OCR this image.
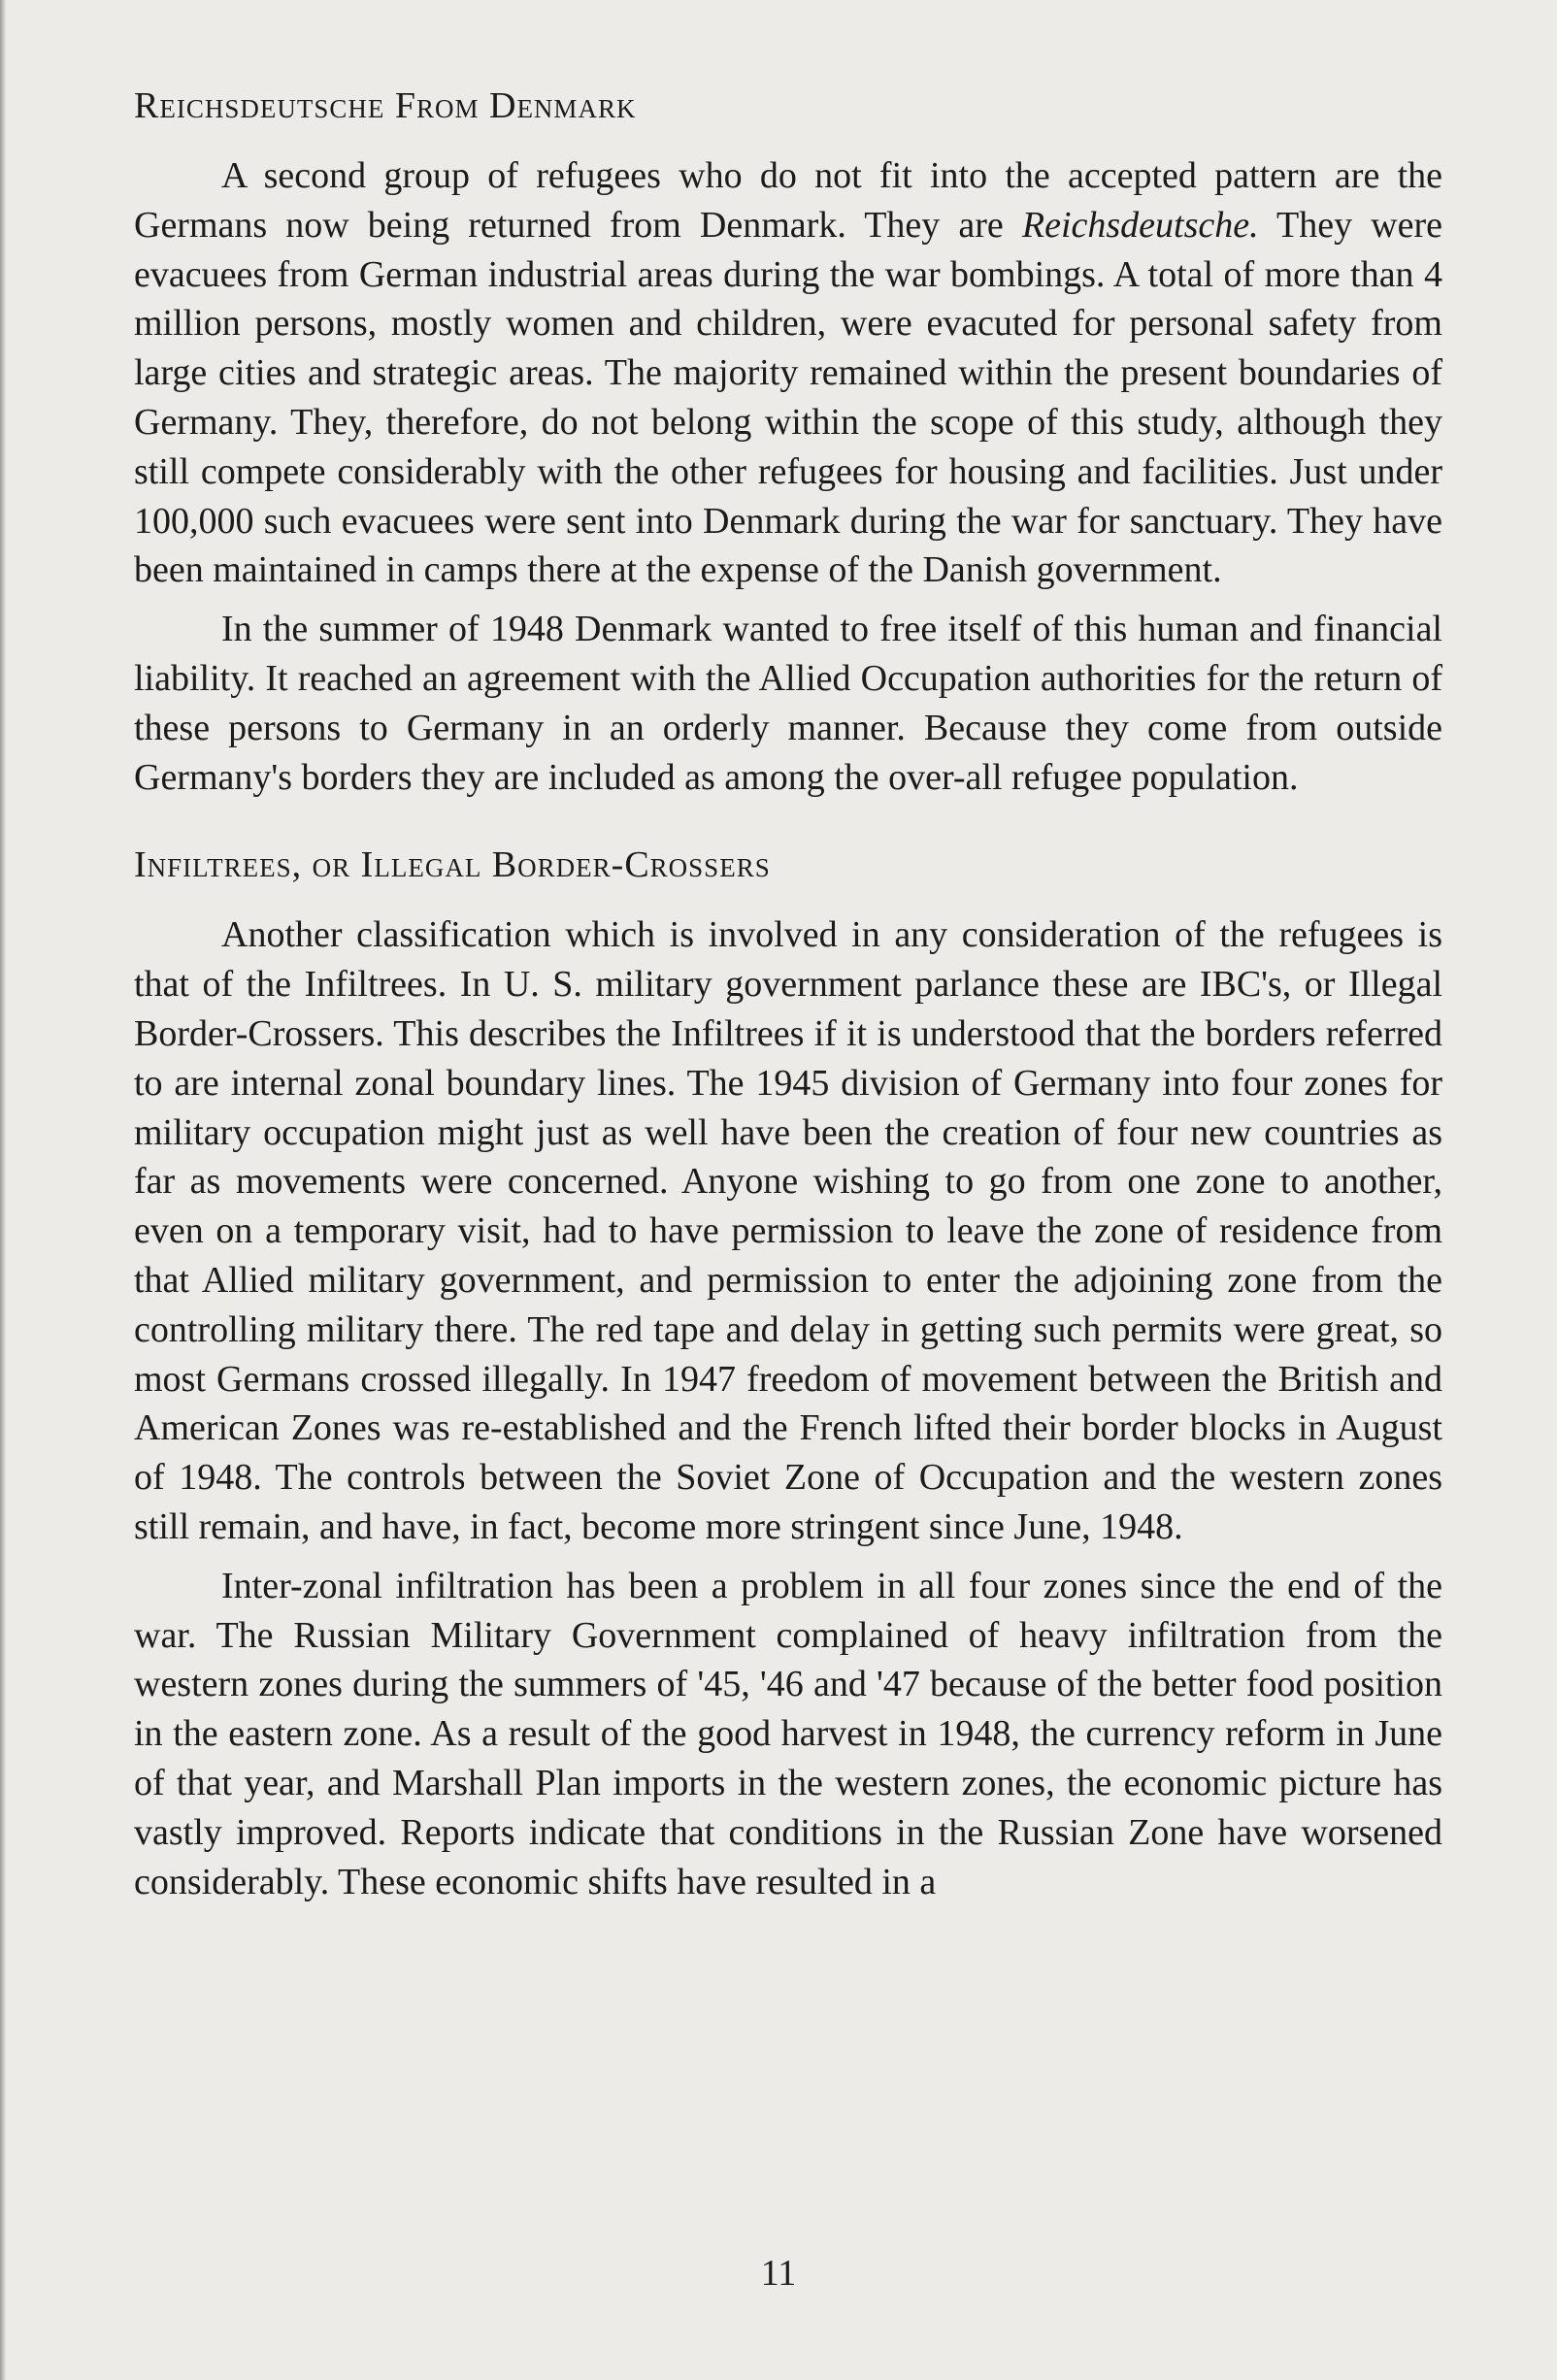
Reichsdeutsche From Denmark

A second group of refugees who do not fit into the accepted pattern are the Germans now being returned from Denmark. They are Reichsdeutsche. They were evacuees from German industrial areas during the war bombings. A total of more than 4 million persons, mostly women and children, were evacuted for personal safety from large cities and strategic areas. The majority remained within the present boundaries of Germany. They, therefore, do not belong within the scope of this study, although they still compete considerably with the other refugees for housing and facilities. Just under 100,000 such evacuees were sent into Denmark during the war for sanctuary. They have been maintained in camps there at the expense of the Danish government.

In the summer of 1948 Denmark wanted to free itself of this human and financial liability. It reached an agreement with the Allied Occupation authorities for the return of these persons to Germany in an orderly manner. Because they come from outside Germany's borders they are included as among the over-all refugee population.

Infiltrees, or Illegal Border-Crossers

Another classification which is involved in any consideration of the refugees is that of the Infiltrees. In U. S. military government parlance these are IBC's, or Illegal Border-Crossers. This describes the Infiltrees if it is understood that the borders referred to are internal zonal boundary lines. The 1945 division of Germany into four zones for military occupation might just as well have been the creation of four new countries as far as movements were concerned. Anyone wishing to go from one zone to another, even on a temporary visit, had to have permission to leave the zone of residence from that Allied military government, and permission to enter the adjoining zone from the controlling military there. The red tape and delay in getting such permits were great, so most Germans crossed illegally. In 1947 freedom of movement between the British and American Zones was re-established and the French lifted their border blocks in August of 1948. The controls between the Soviet Zone of Occupation and the western zones still remain, and have, in fact, become more stringent since June, 1948.

Inter-zonal infiltration has been a problem in all four zones since the end of the war. The Russian Military Government complained of heavy infiltration from the western zones during the summers of '45, '46 and '47 because of the better food position in the eastern zone. As a result of the good harvest in 1948, the currency reform in June of that year, and Marshall Plan imports in the western zones, the economic picture has vastly improved. Reports indicate that conditions in the Russian Zone have worsened considerably. These economic shifts have resulted in a

11
